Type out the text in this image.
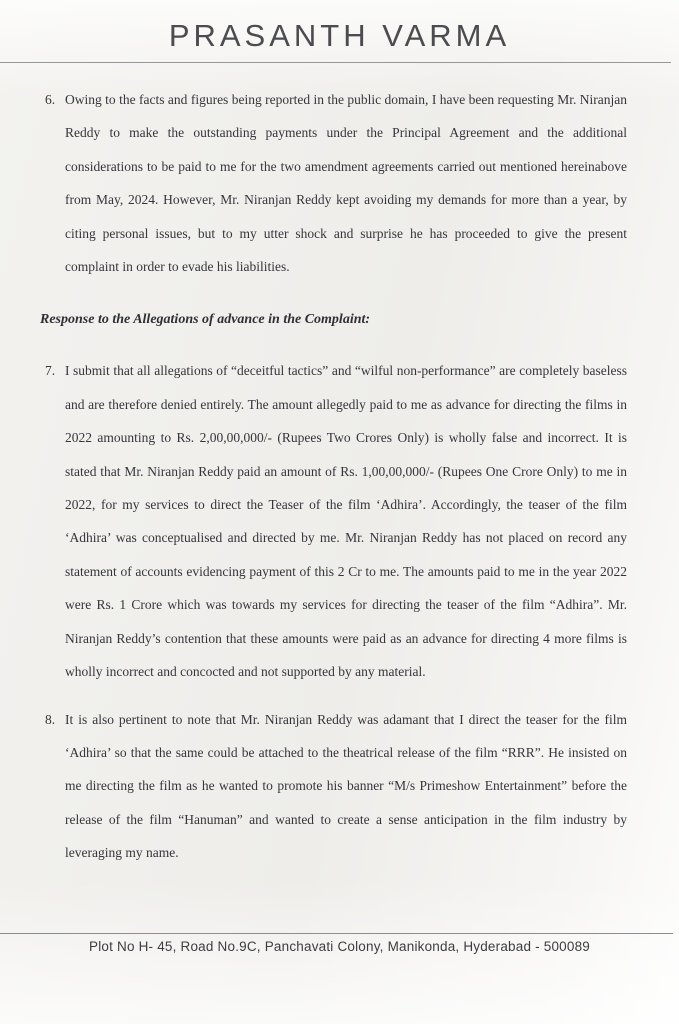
PRASANTH VARMA
6. Owing to the facts and figures being reported in the public domain, I have been requesting Mr. Niranjan Reddy to make the outstanding payments under the Principal Agreement and the additional considerations to be paid to me for the two amendment agreements carried out mentioned hereinabove from May, 2024. However, Mr. Niranjan Reddy kept avoiding my demands for more than a year, by citing personal issues, but to my utter shock and surprise he has proceeded to give the present complaint in order to evade his liabilities.
Response to the Allegations of advance in the Complaint:
7. I submit that all allegations of “deceitful tactics” and “wilful non-performance” are completely baseless and are therefore denied entirely. The amount allegedly paid to me as advance for directing the films in 2022 amounting to Rs. 2,00,00,000/- (Rupees Two Crores Only) is wholly false and incorrect. It is stated that Mr. Niranjan Reddy paid an amount of Rs. 1,00,00,000/- (Rupees One Crore Only) to me in 2022, for my services to direct the Teaser of the film ‘Adhira’. Accordingly, the teaser of the film ‘Adhira’ was conceptualised and directed by me. Mr. Niranjan Reddy has not placed on record any statement of accounts evidencing payment of this 2 Cr to me. The amounts paid to me in the year 2022 were Rs. 1 Crore which was towards my services for directing the teaser of the film “Adhira”. Mr. Niranjan Reddy’s contention that these amounts were paid as an advance for directing 4 more films is wholly incorrect and concocted and not supported by any material.
8. It is also pertinent to note that Mr. Niranjan Reddy was adamant that I direct the teaser for the film ‘Adhira’ so that the same could be attached to the theatrical release of the film “RRR”. He insisted on me directing the film as he wanted to promote his banner “M/s Primeshow Entertainment” before the release of the film “Hanuman” and wanted to create a sense anticipation in the film industry by leveraging my name.
Plot No H- 45, Road No.9C, Panchavati Colony, Manikonda, Hyderabad - 500089
